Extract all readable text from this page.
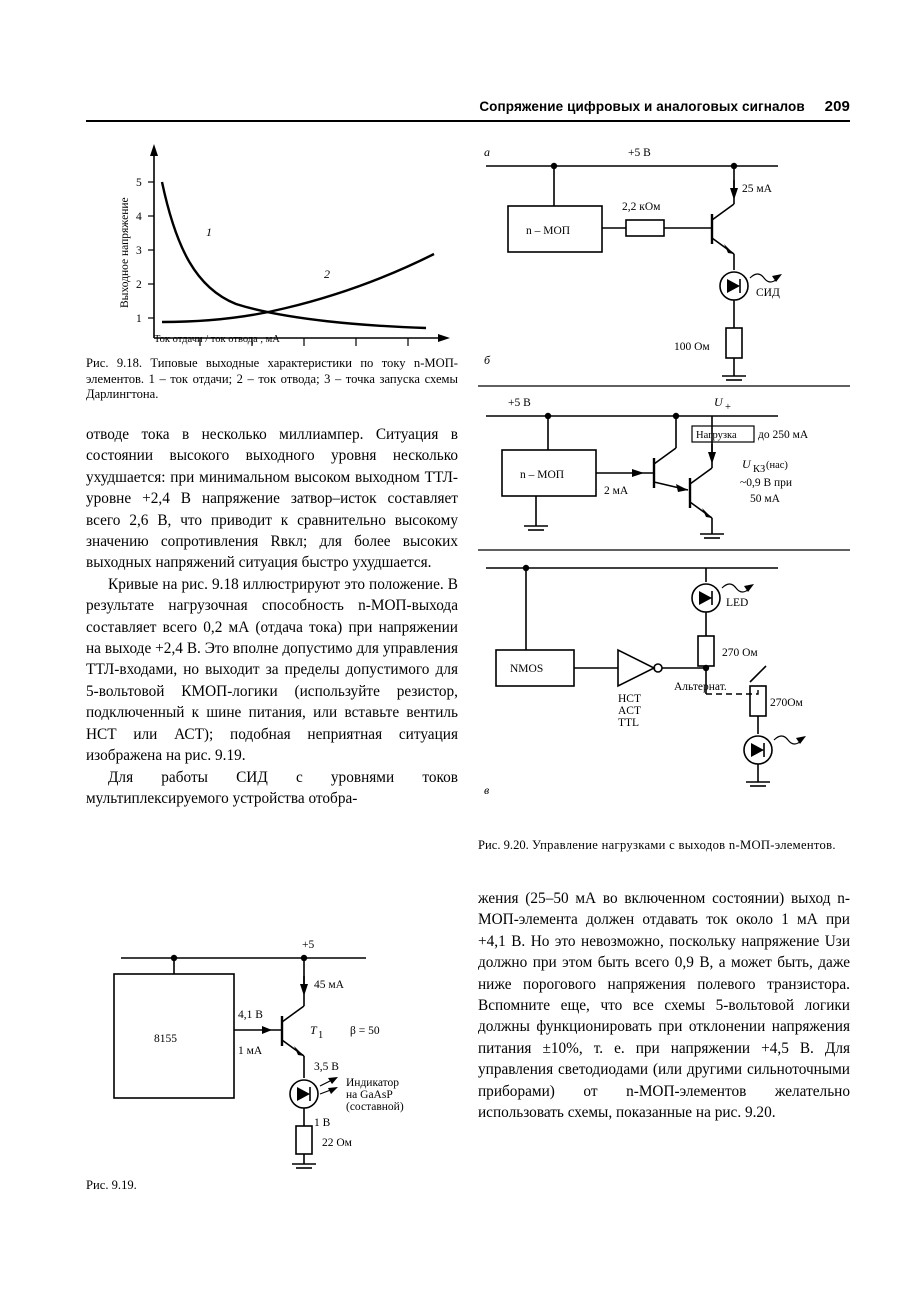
Сопряжение цифровых и аналоговых сигналов 209
1
2
3
4
5
Выходное напряжение	1
2
Ток отдачи / ток отвода , мА
Рис. 9.18. Типовые выходные характеристики по току n-МОП-элементов. 1 – ток отдачи; 2 – ток отвода; 3 – точка запуска схемы Дарлингтона.

отводе тока в несколько миллиампер. Ситуация в состоянии высокого выходного уровня несколько ухудшается: при минимальном высоком выходном ТТЛ-уровне +2,4 В напряжение затвор–исток составляет всего 2,6 В, что приводит к сравнительно высокому значению сопротивления Rвкл; для более высоких выходных напряжений ситуация быстро ухудшается.

Кривые на рис. 9.18 иллюстрируют это положение. В результате нагрузочная способность n-МОП-выхода составляет всего 0,2 мА (отдача тока) при напряжении на выходе +2,4 В. Это вполне допустимо для управления ТТЛ-входами, но выходит за пределы допустимого для 5-вольтовой КМОП-логики (используйте резистор, подключенный к шине питания, или вставьте вентиль НСТ или АСТ); подобная неприятная ситуация изображена на рис. 9.19.

Для работы СИД с уровнями токов мультиплексируемого устройства отобра-

+5
8155
45 мА
1 мА
4,1 В
T 1 β = 50
3,5 В
Индикатор
на GaAsP
(составной)
1 В
22 Ом
Рис. 9.19.
а	+5 В
n – МОП
2,2 кОм
25 мА
СИД
100 Ом
б
+5 В
n – МОП
2 мА
U +
Нагрузка до 250 мА
U КЗ (нас)
~0,9 В при
50 мА
LED
270 Ом
NMOS
HCT
ACT
TTL
270Ом
Альтернат.
в
Рис. 9.20. Управление нагрузками с выходов n-МОП-элементов.

жения (25–50 мА во включенном состоянии) выход n-МОП-элемента должен отдавать ток около 1 мА при +4,1 В. Но это невозможно, поскольку напряжение Uзи должно при этом быть всего 0,9 В, а может быть, даже ниже порогового напряжения полевого транзистора. Вспомните еще, что все схемы 5-вольтовой логики должны функционировать при отклонении напряжения питания ±10%, т. е. при напряжении +4,5 В. Для управления светодиодами (или другими сильноточными приборами) от n-МОП-элементов желательно использовать схемы, показанные на рис. 9.20.
